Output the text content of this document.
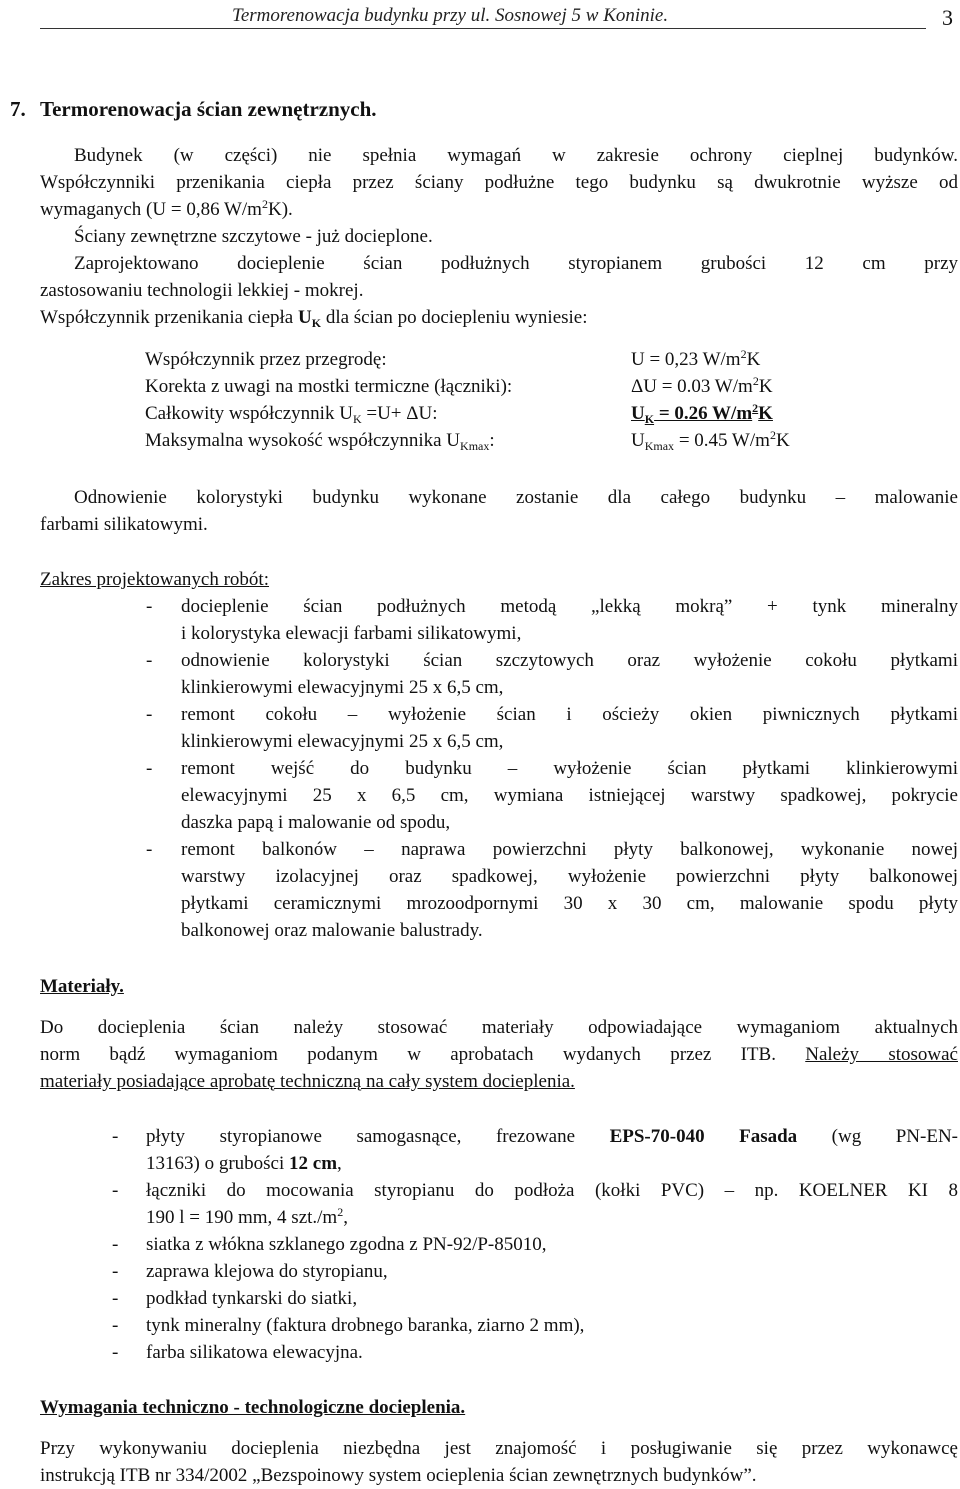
Termorenowacja budynku przy ul. Sosnowej 5 w Koninie.	3
7. Termorenowacja ścian zewnętrznych.
Budynek (w części) nie spełnia wymagań w zakresie ochrony cieplnej budynków.
Współczynniki przenikania ciepła przez ściany podłużne tego budynku są dwukrotnie wyższe od
wymaganych (U = 0,86 $W/m^2K$).
Ściany zewnętrzne szczytowe - już docieplone.
Zaprojektowano docieplenie ścian podłużnych styropianem grubości 12 cm przy
zastosowaniu technologii lekkiej - mokrej.
Współczynnik przenikania ciepła $U_K$ dla ścian po dociepleniu wyniesie:
Współczynnik przez przegrodę:	U = 0,23 $W/m^2K$
Korekta z uwagi na mostki termiczne (łączniki):	ΔU = 0.03 $W/m^2K$
Całkowity współczynnik $U_K =U+ \Delta U$:	$U_K = 0.26$ $W/m^2K$
Maksymalna wysokość współczynnika $U_{Kmax}$:	$U_{Kmax} = 0.45$ $W/m^2K$
Odnowienie kolorystyki budynku wykonane zostanie dla całego budynku – malowanie
farbami silikatowymi.
Zakres projektowanych robót:
- docieplenie ścian podłużnych metodą „lekką mokrą” + tynk mineralny
i kolorystyka elewacji farbami silikatowymi,
- odnowienie kolorystyki ścian szczytowych oraz wyłożenie cokołu płytkami
klinkierowymi elewacyjnymi 25 x 6,5 cm,
- remont cokołu – wyłożenie ścian i ościeży okien piwnicznych płytkami
klinkierowymi elewacyjnymi 25 x 6,5 cm,
- remont wejść do budynku – wyłożenie ścian płytkami klinkierowymi
elewacyjnymi 25 x 6,5 cm, wymiana istniejącej warstwy spadkowej, pokrycie
daszka papą i malowanie od spodu,
- remont balkonów – naprawa powierzchni płyty balkonowej, wykonanie nowej
warstwy izolacyjnej oraz spadkowej, wyłożenie powierzchni płyty balkonowej
płytkami ceramicznymi mrozoodpornymi 30 x 30 cm, malowanie spodu płyty
balkonowej oraz malowanie balustrady.
Materiały.
Do docieplenia ścian należy stosować materiały odpowiadające wymaganiom aktualnych
norm bądź wymaganiom podanym w aprobatach wydanych przez ITB. Należy stosować
materiały posiadające aprobatę techniczną na cały system docieplenia.
- płyty styropianowe samogasnące, frezowane EPS-70-040 Fasada (wg PN-EN-
13163) o grubości 12 cm,
- łączniki do mocowania styropianu do podłoża (kołki PVC) – np. KOELNER KI 8
190 l = 190 mm, 4 $szt./m^2$,
- siatka z włókna szklanego zgodna z PN-92/P-85010,
- zaprawa klejowa do styropianu,
- podkład tynkarski do siatki,
- tynk mineralny (faktura drobnego baranka, ziarno 2 mm),
- farba silikatowa elewacyjna.
Wymagania techniczno - technologiczne docieplenia.
Przy wykonywaniu docieplenia niezbędna jest znajomość i posługiwanie się przez wykonawcę
instrukcją ITB nr 334/2002 „Bezspoinowy system ocieplenia ścian zewnętrznych budynków”.
